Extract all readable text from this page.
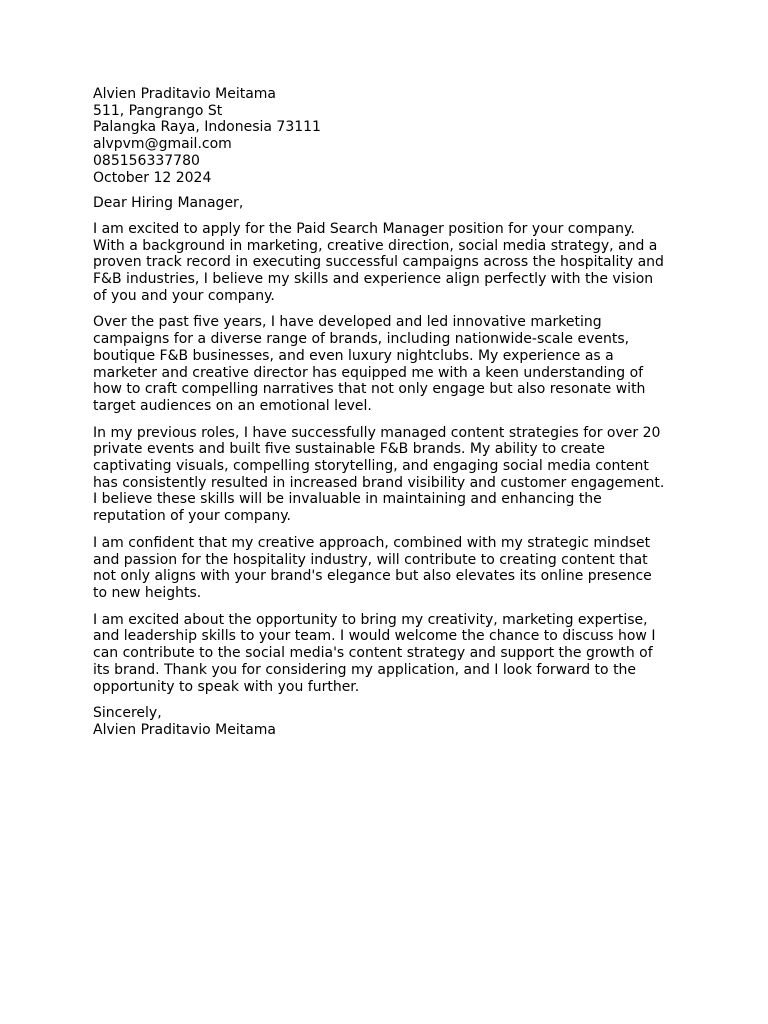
Alvien Praditavio Meitama
511, Pangrango St
Palangka Raya, Indonesia 73111
alvpvm@gmail.com
085156337780
October 12 2024

Dear Hiring Manager,

I am excited to apply for the Paid Search Manager position for your company.
With a background in marketing, creative direction, social media strategy, and a
proven track record in executing successful campaigns across the hospitality and
F&B industries, I believe my skills and experience align perfectly with the vision
of you and your company.

Over the past five years, I have developed and led innovative marketing
campaigns for a diverse range of brands, including nationwide-scale events,
boutique F&B businesses, and even luxury nightclubs. My experience as a
marketer and creative director has equipped me with a keen understanding of
how to craft compelling narratives that not only engage but also resonate with
target audiences on an emotional level.

In my previous roles, I have successfully managed content strategies for over 20
private events and built five sustainable F&B brands. My ability to create
captivating visuals, compelling storytelling, and engaging social media content
has consistently resulted in increased brand visibility and customer engagement.
I believe these skills will be invaluable in maintaining and enhancing the
reputation of your company.

I am confident that my creative approach, combined with my strategic mindset
and passion for the hospitality industry, will contribute to creating content that
not only aligns with your brand's elegance but also elevates its online presence
to new heights.

I am excited about the opportunity to bring my creativity, marketing expertise,
and leadership skills to your team. I would welcome the chance to discuss how I
can contribute to the social media's content strategy and support the growth of
its brand. Thank you for considering my application, and I look forward to the
opportunity to speak with you further.

Sincerely,
Alvien Praditavio Meitama
